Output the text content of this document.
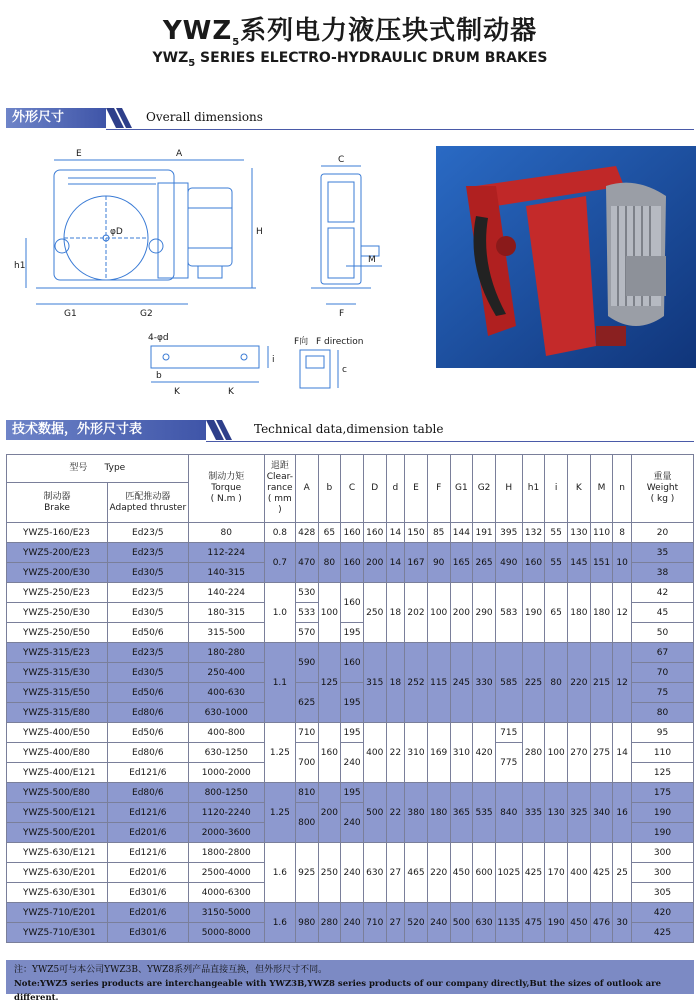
$YWZ_5$系列电力液压块式制动器
$YWZ_5$ SERIES ELECTRO-HYDRAULIC DRUM BRAKES
外形尺寸	Overall dimensions
E	A
H
h1
φD
G1	G2
C
M
F
4-φd
b
K	K
i
F向 F direction
c
技术数据，外形尺寸表	Technical data,dimension table
型号 Type		制动力矩
Torque
( N.m )	退距
Clear-rance
( mm )	A	b	C	D	d	E	F	G1	G2	H	h1	i	K	M	n	重量
Weight
( kg )
制动器
Brake	匹配推动器
Adapted thruster																		
YWZ5-160/E23	Ed23/5	80	0.8	428	65	160	160	14	150	85	144	191	395	132	55	130	110	8	20
YWZ5-200/E23	Ed23/5	112-224	0.7	470	80	160	200	14	167	90	165	265	490	160	55	145	151	10	35
YWZ5-200/E30	Ed30/5	140-315																	38
YWZ5-250/E23	Ed23/5	140-224	1.0	530	100	160	250	18	202	100	200	290	583	190	65	180	180	12	42
YWZ5-250/E30	Ed30/5	180-315		533															45
YWZ5-250/E50	Ed50/6	315-500		570		195													50
YWZ5-315/E23	Ed23/5	180-280	1.1	590	125	160	315	18	252	115	245	330	585	225	80	220	215	12	67
YWZ5-315/E30	Ed30/5	250-400																	70
YWZ5-315/E50	Ed50/6	400-630		625		195													75
YWZ5-315/E80	Ed80/6	630-1000																	80
YWZ5-400/E50	Ed50/6	400-800	1.25	710	160	195	400	22	310	169	310	420	715	280	100	270	275	14	95
YWZ5-400/E80	Ed80/6	630-1250		700		240							775						110
YWZ5-400/E121	Ed121/6	1000-2000																	125
YWZ5-500/E80	Ed80/6	800-1250	1.25	810	200	195	500	22	380	180	365	535	840	335	130	325	340	16	175
YWZ5-500/E121	Ed121/6	1120-2240		800		240													190
YWZ5-500/E201	Ed201/6	2000-3600																	190
YWZ5-630/E121	Ed121/6	1800-2800	1.6	925	250	240	630	27	465	220	450	600	1025	425	170	400	425	25	300
YWZ5-630/E201	Ed201/6	2500-4000																	300
YWZ5-630/E301	Ed301/6	4000-6300																	305
YWZ5-710/E201	Ed201/6	3150-5000	1.6	980	280	240	710	27	520	240	500	630	1135	475	190	450	476	30	420
YWZ5-710/E301	Ed301/6	5000-8000																	425
注：YWZ5可与本公司YWZ3B、YWZ8系列产品直接互换，但外形尺寸不同。
Note:YWZ5 series products are interchangeable with YWZ3B,YWZ8 series products of our company directly,But the sizes of outlook are different.
